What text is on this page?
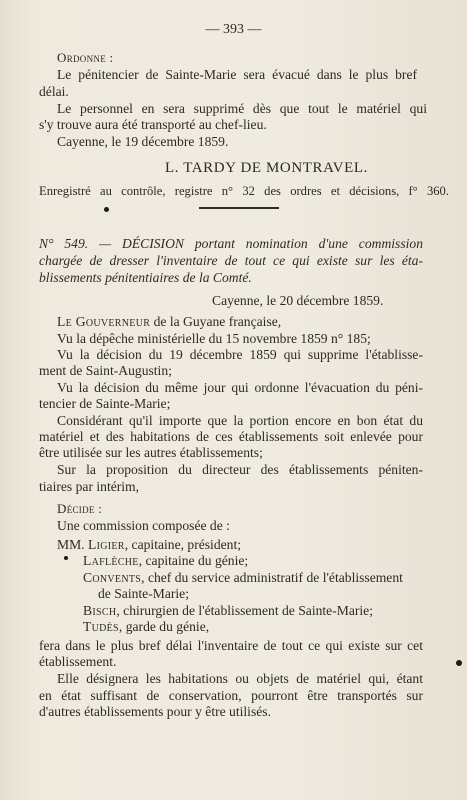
— 393 —
Ordonne :
Le pénitencier de Sainte-Marie sera évacué dans le plus bref
délai.
Le personnel en sera supprimé dès que tout le matériel qui
s'y trouve aura été transporté au chef-lieu.
Cayenne, le 19 décembre 1859.
L. TARDY DE MONTRAVEL.
Enregistré au contrôle, registre n° 32 des ordres et décisions, f° 360.
N° 549. — DÉCISION portant nomination d'une commission
chargée de dresser l'inventaire de tout ce qui existe sur les éta-
blissements pénitentiaires de la Comté.
Cayenne, le 20 décembre 1859.
Le Gouverneur de la Guyane française,
Vu la dépêche ministérielle du 15 novembre 1859 n° 185;
Vu la décision du 19 décembre 1859 qui supprime l'établisse-
ment de Saint-Augustin;
Vu la décision du même jour qui ordonne l'évacuation du péni-
tencier de Sainte-Marie;
Considérant qu'il importe que la portion encore en bon état du
matériel et des habitations de ces établissements soit enlevée pour
être utilisée sur les autres établissements;
Sur la proposition du directeur des établissements péniten-
tiaires par intérim,
Décide :
Une commission composée de :
MM. Ligier, capitaine, président;
Laflèche, capitaine du génie;
Convents, chef du service administratif de l'établissement
de Sainte-Marie;
Bisch, chirurgien de l'établissement de Sainte-Marie;
Tudès, garde du génie,
fera dans le plus bref délai l'inventaire de tout ce qui existe sur cet
établissement.
Elle désignera les habitations ou objets de matériel qui, étant
en état suffisant de conservation, pourront être transportés sur
d'autres établissements pour y être utilisés.
